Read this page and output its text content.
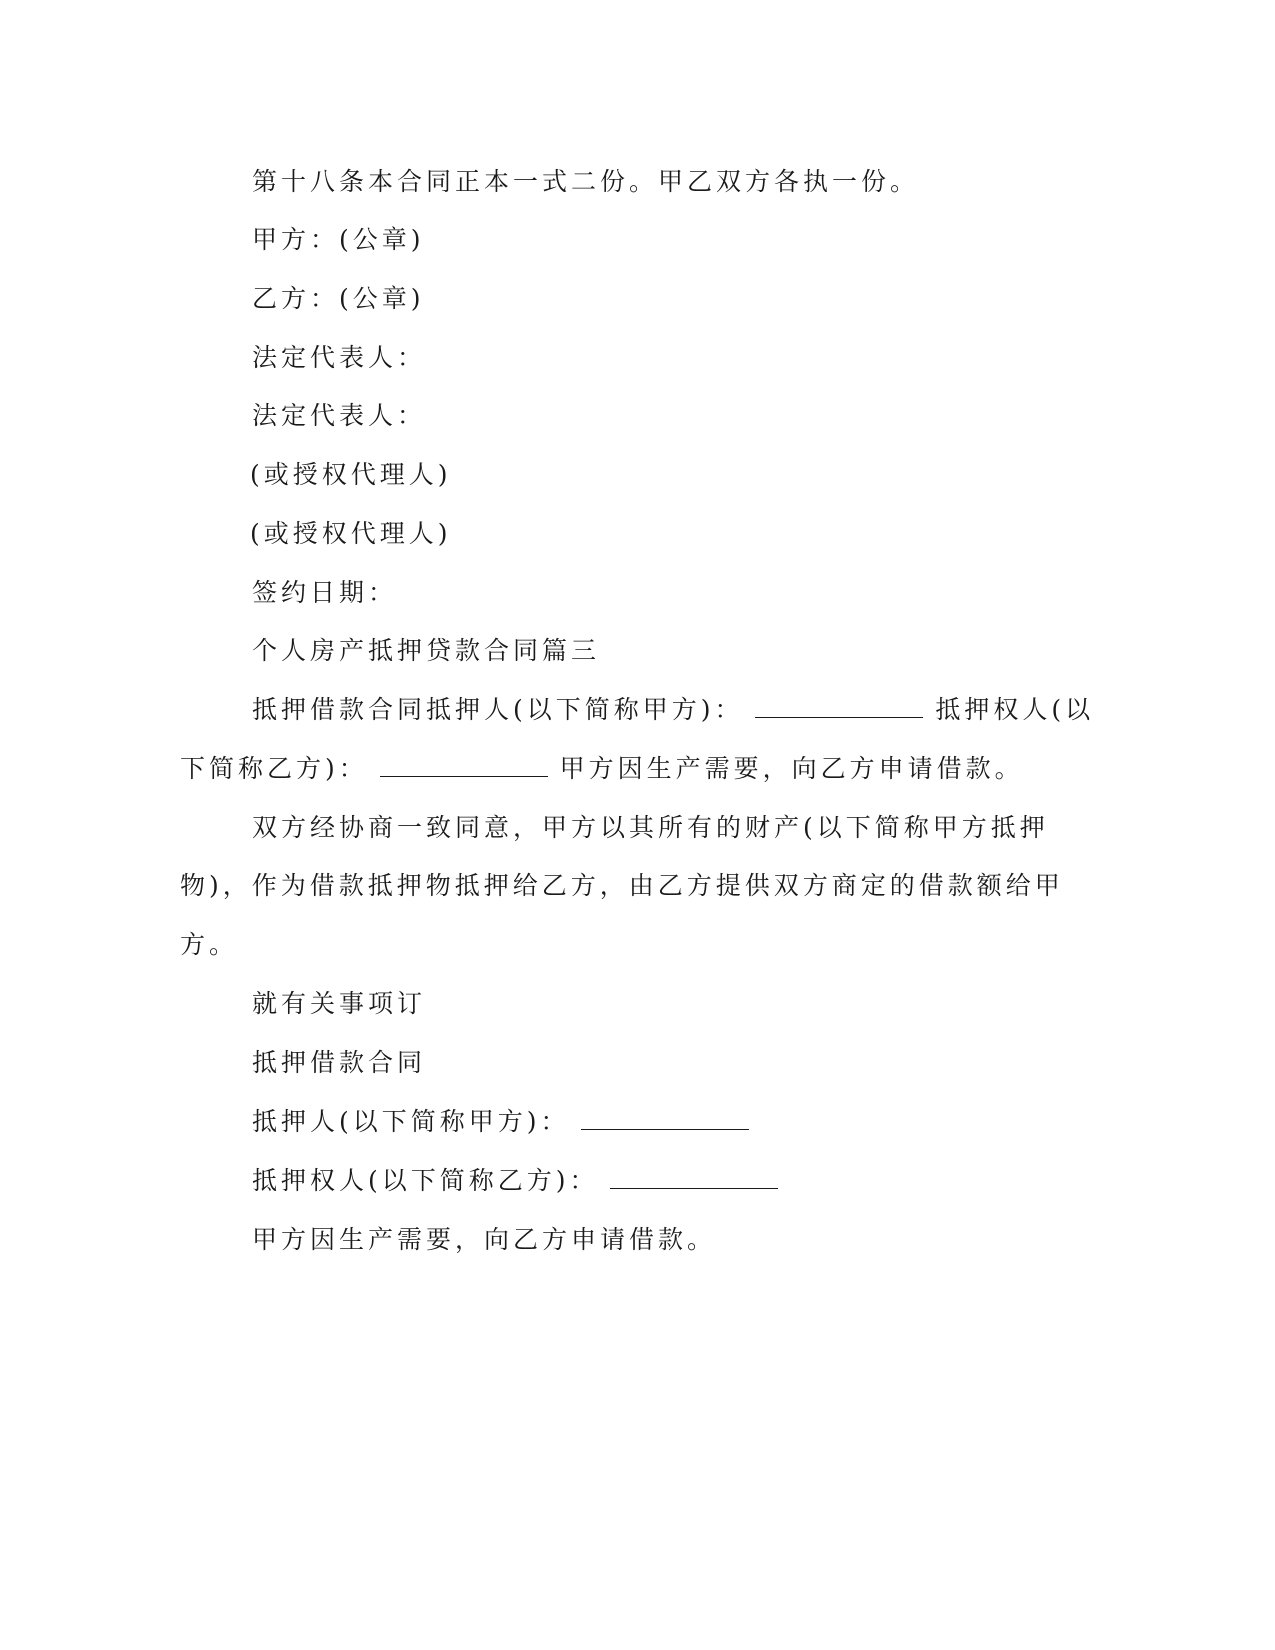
第十八条本合同正本一式二份。甲乙双方各执一份。
甲方：(公章)
乙方：(公章)
法定代表人：
法定代表人：
(或授权代理人)
(或授权代理人)
签约日期：
个人房产抵押贷款合同篇三
抵押借款合同抵押人(以下简称甲方)：	抵押权人(以
下简称乙方)：	甲方因生产需要，向乙方申请借款。
双方经协商一致同意，甲方以其所有的财产(以下简称甲方抵押
物)，作为借款抵押物抵押给乙方，由乙方提供双方商定的借款额给甲
方。
就有关事项订
抵押借款合同
抵押人(以下简称甲方)：
抵押权人(以下简称乙方)：
甲方因生产需要，向乙方申请借款。
